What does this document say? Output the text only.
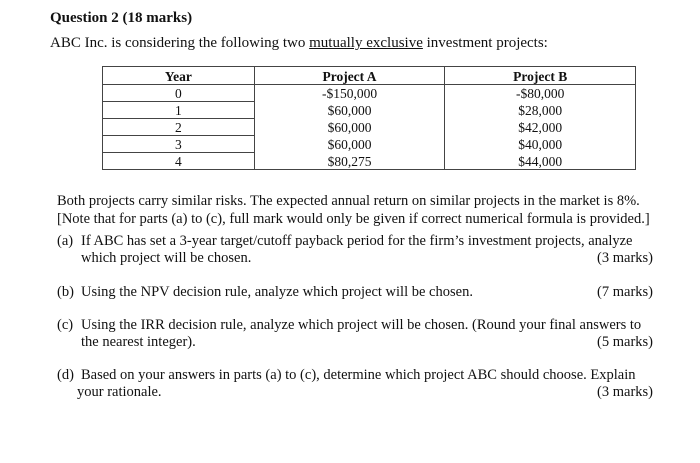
Question 2 (18 marks)
ABC Inc. is considering the following two mutually exclusive investment projects:
Year	Project A	Project B
0	-$150,000	-$80,000
1	$60,000	$28,000
2	$60,000	$42,000
3	$60,000	$40,000
4	$80,275	$44,000
Both projects carry similar risks. The expected annual return on similar projects in the market is 8%.
[Note that for parts (a) to (c), full mark would only be given if correct numerical formula is provided.]
(a) If ABC has set a 3-year target/cutoff payback period for the firm’s investment projects, analyze
which project will be chosen.	(3 marks)
(b) Using the NPV decision rule, analyze which project will be chosen.	(7 marks)
(c) Using the IRR decision rule, analyze which project will be chosen. (Round your final answers to
the nearest integer).	(5 marks)
(d) Based on your answers in parts (a) to (c), determine which project ABC should choose. Explain
your rationale.	(3 marks)
